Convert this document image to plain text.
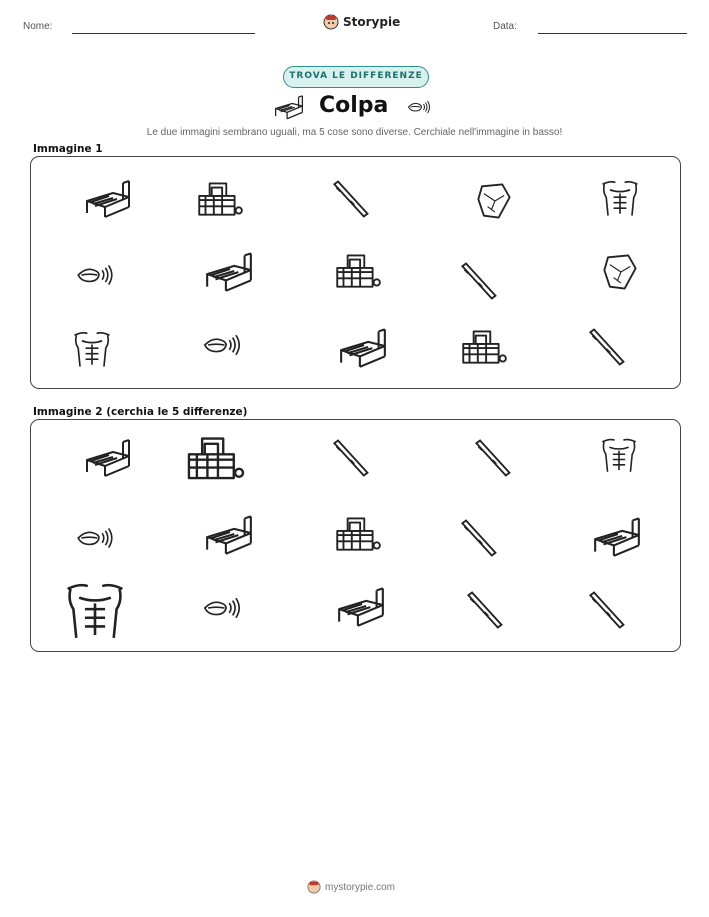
Nome:	Storypie	Data:
TROVA LE DIFFERENZE
Colpa
Le due immagini sembrano uguali, ma 5 cose sono diverse. Cerchiale nell'immagine in basso!
Immagine 1
Immagine 2 (cerchia le 5 differenze)
mystorypie.com
